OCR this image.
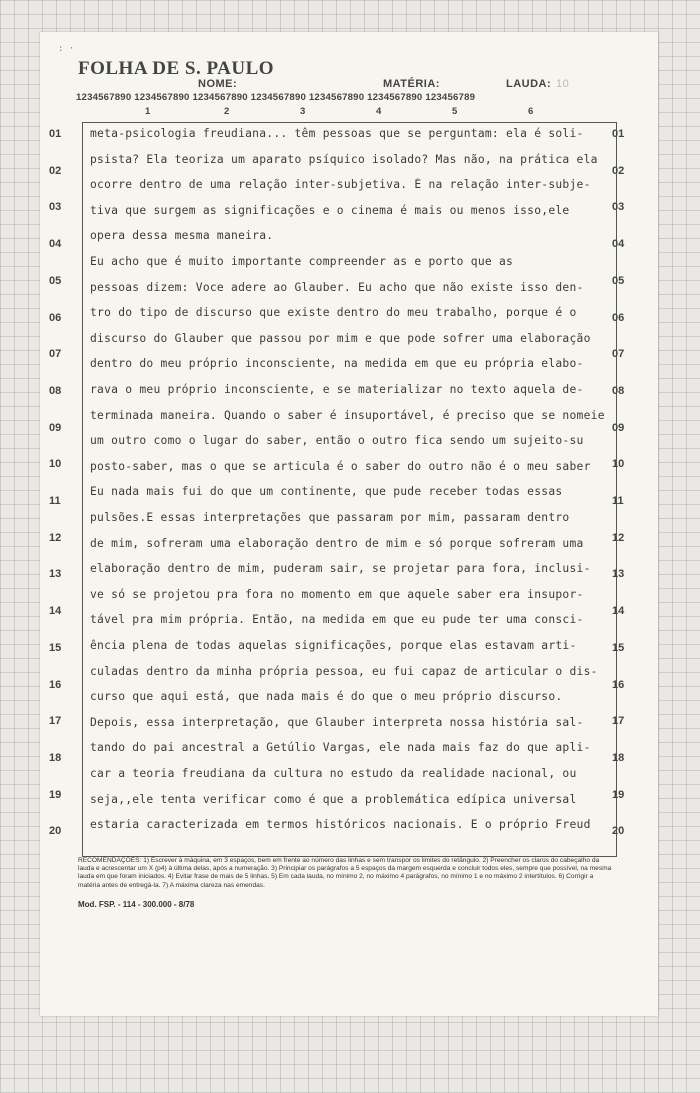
: ·
FOLHA DE S. PAULO
NOME:	MATÉRIA:	LAUDA: 10
1234567890 1234567890 1234567890 1234567890 1234567890 1234567890 123456789
1	2	3	4	5	6
01
02
03
04
05
06
07
08
09
10
11
12
13
14
15
16
17
18
19
20
meta-psicologia freudiana... têm pessoas que se perguntam: ela é soli-
psista? Ela teoriza um aparato psíquico isolado? Mas não, na prática ela
ocorre dentro de uma relação inter-subjetiva. É na relação inter-subje-
tiva que surgem as significações e o cinema é mais ou menos isso,ele
opera dessa mesma maneira.
Eu acho que é muito importante compreender as e porto que as
pessoas dizem: Voce adere ao Glauber. Eu acho que não existe isso den-
tro do tipo de discurso que existe dentro do meu trabalho, porque é o
discurso do Glauber que passou por mim e que pode sofrer uma elaboração
dentro do meu próprio inconsciente, na medida em que eu própria elabo-
rava o meu próprio inconsciente, e se materializar no texto aquela de-
terminada maneira. Quando o saber é insuportável, é preciso que se nomeie
um outro como o lugar do saber, então o outro fica sendo um sujeito-su
posto-saber, mas o que se articula é o saber do outro não é o meu saber
Eu nada mais fui do que um continente, que pude receber todas essas
pulsões.E essas interpretações que passaram por mim, passaram dentro
de mim, sofreram uma elaboração dentro de mim e só porque sofreram uma
elaboração dentro de mim, puderam sair, se projetar para fora, inclusi-
ve só se projetou pra fora no momento em que aquele saber era insupor-
tável pra mim própria. Então, na medida em que eu pude ter uma consci-
ência plena de todas aquelas significações, porque elas estavam arti-
culadas dentro da minha própria pessoa, eu fui capaz de articular o dis-
curso que aqui está, que nada mais é do que o meu próprio discurso.
Depois, essa interpretação, que Glauber interpreta nossa história sal-
tando do pai ancestral a Getúlio Vargas, ele nada mais faz do que apli-
car a teoria freudiana da cultura no estudo da realidade nacional, ou
seja,,ele tenta verificar como é que a problemática edípica universal
estaria caracterizada em termos históricos nacionais. E o próprio Freud
01
02
03
04
05
06
07
08
09
10
11
12
13
14
15
16
17
18
19
20
RECOMENDAÇÕES: 1) Escrever à máquina, em 3 espaços, bem em frente ao número das linhas e sem transpor os limites do retângulo. 2) Preencher os claros do cabeçalho da lauda e acrescentar um X (p4) à última delas, após a numeração. 3) Principiar os parágrafos a 5 espaços da margem esquerda e concluir todos eles, sempre que possível, na mesma lauda em que foram iniciados. 4) Evitar frase de mais de 5 linhas. 5) Em cada lauda, no mínimo 2, no máximo 4 parágrafos, no mínimo 1 e no máximo 2 intertítulos. 6) Corrigir a matéria antes de entregá-la. 7) A máxima clareza nas emendas.
Mod. FSP. - 114 - 300.000 - 8/78
